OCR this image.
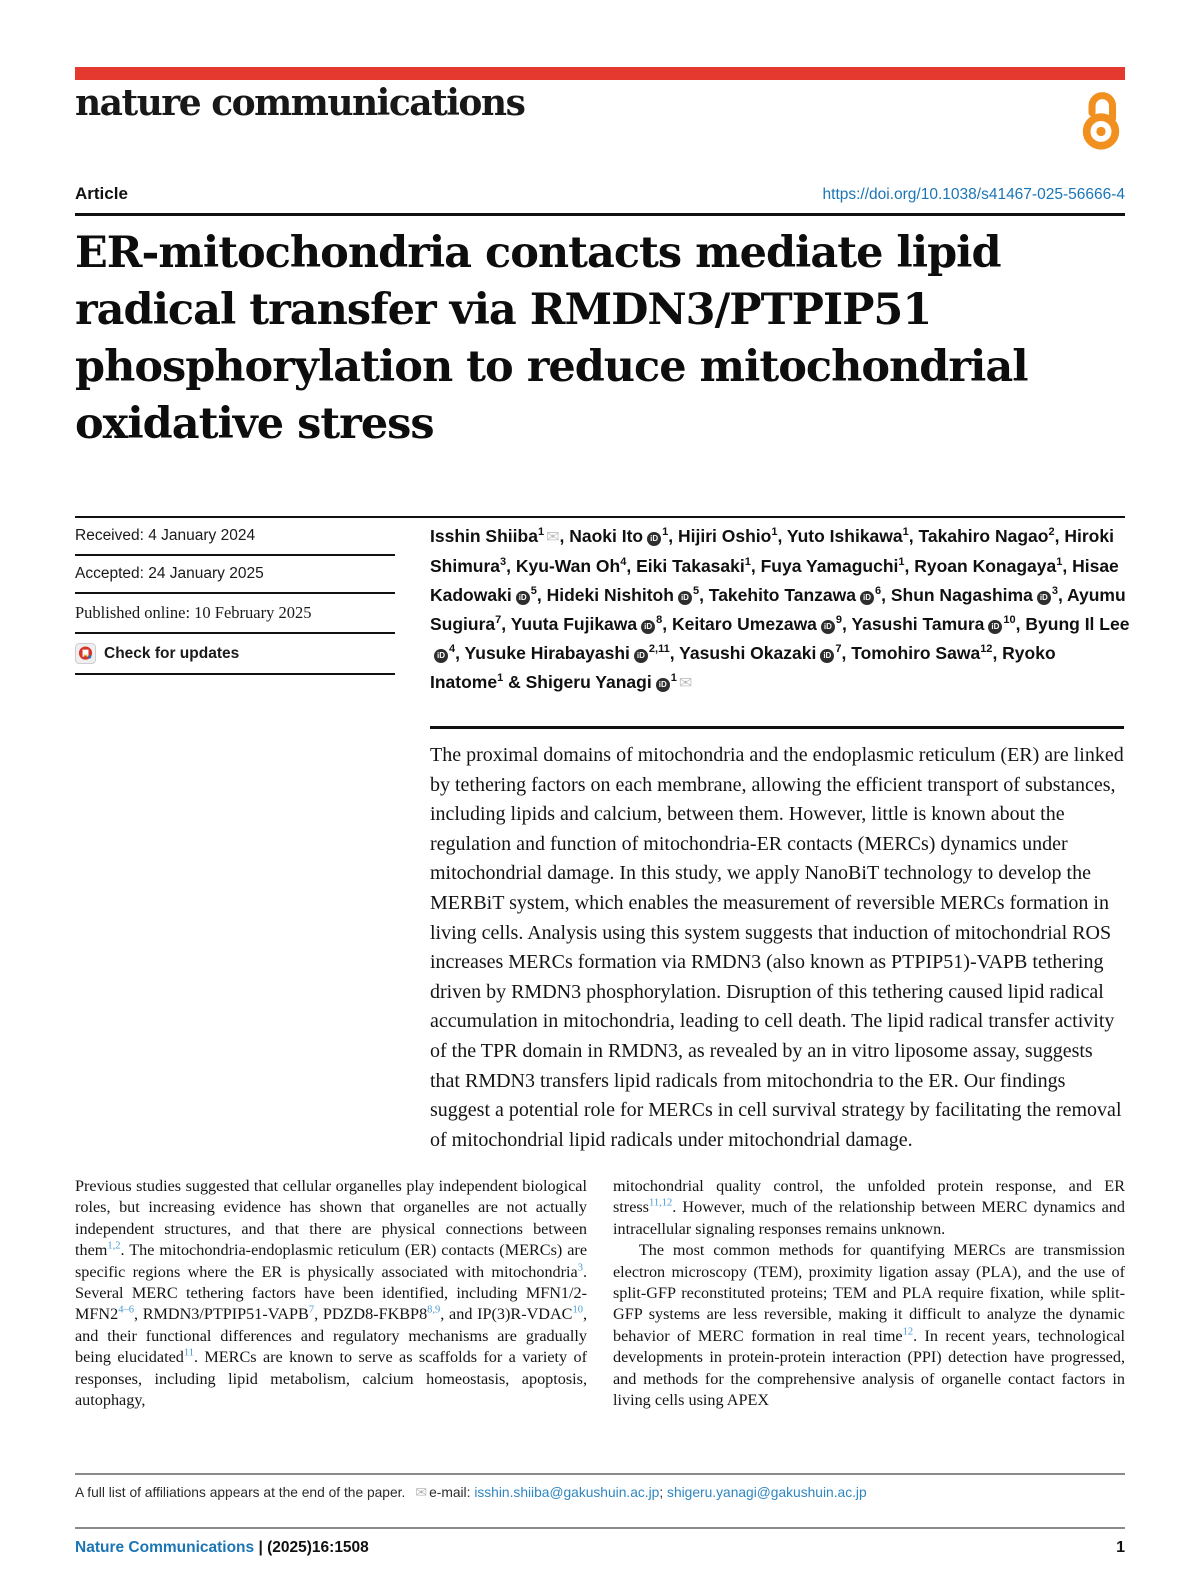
nature communications
Article	https://doi.org/10.1038/s41467-025-56666-4
ER-mitochondria contacts mediate lipid radical transfer via RMDN3/PTPIP51 phosphorylation to reduce mitochondrial oxidative stress
Received: 4 January 2024
Accepted: 24 January 2025
Published online: 10 February 2025
Check for updates
Isshin Shiiba$^1$ ✉, Naoki Ito $iD^1$, Hijiri Oshio$^1$, Yuto Ishikawa$^1$, Takahiro Nagao$^2$, Hiroki Shimura$^3$, Kyu-Wan Oh$^4$, Eiki Takasaki$^1$, Fuya Yamaguchi$^1$, Ryoan Konagaya$^1$, Hisae Kadowaki $iD^5$, Hideki Nishitoh $iD^5$, Takehito Tanzawa $iD^6$, Shun Nagashima $iD^3$, Ayumu Sugiura$^7$, Yuuta Fujikawa $iD^8$, Keitaro Umezawa $iD^9$, Yasushi Tamura $iD^{10}$, Byung Il LeeiD$^4$, Yusuke Hirabayashi iD$^{2,11}$, Yasushi Okazaki $iD^7$, Tomohiro Sawa$^{12}$, Ryoko Inatome$^1$ & Shigeru Yanagi $iD^1$ ✉
The proximal domains of mitochondria and the endoplasmic reticulum (ER) are linked by tethering factors on each membrane, allowing the efficient transport of substances, including lipids and calcium, between them. However, little is known about the regulation and function of mitochondria-ER contacts (MERCs) dynamics under mitochondrial damage. In this study, we apply NanoBiT technology to develop the MERBiT system, which enables the measurement of reversible MERCs formation in living cells. Analysis using this system suggests that induction of mitochondrial ROS increases MERCs formation via RMDN3 (also known as PTPIP51)-VAPB tethering driven by RMDN3 phosphorylation. Disruption of this tethering caused lipid radical accumulation in mitochondria, leading to cell death. The lipid radical transfer activity of the TPR domain in RMDN3, as revealed by an in vitro liposome assay, suggests that RMDN3 transfers lipid radicals from mitochondria to the ER. Our findings suggest a potential role for MERCs in cell survival strategy by facilitating the removal of mitochondrial lipid radicals under mitochondrial damage.

Previous studies suggested that cellular organelles play independent biological roles, but increasing evidence has shown that organelles are not actually independent structures, and that there are physical connections between them$^{1,2}$. The mitochondria-endoplasmic reticulum (ER) contacts (MERCs) are specific regions where the ER is physically associated with mitochondria$^3$. Several MERC tethering factors have been identified, including MFN1/2-MFN2$^{4-6}$, RMDN3/PTPIP51-VAPB$^7$, PDZD8-FKBP8$^{8,9}$, and IP(3)R-VDAC$^{10}$, and their functional differences and regulatory mechanisms are gradually being elucidated$^{11}$. MERCs are known to serve as scaffolds for a variety of responses, including lipid metabolism, calcium homeostasis, apoptosis, autophagy,

mitochondrial quality control, the unfolded protein response, and ER stress$^{11,12}$. However, much of the relationship between MERC dynamics and intracellular signaling responses remains unknown.

The most common methods for quantifying MERCs are transmission electron microscopy (TEM), proximity ligation assay (PLA), and the use of split-GFP reconstituted proteins; TEM and PLA require fixation, while split-GFP systems are less reversible, making it difficult to analyze the dynamic behavior of MERC formation in real time$^{12}$. In recent years, technological developments in protein-protein interaction (PPI) detection have progressed, and methods for the comprehensive analysis of organelle contact factors in living cells using APEX

A full list of affiliations appears at the end of the paper. ✉ e-mail: isshin.shiiba@gakushuin.ac.jp; shigeru.yanagi@gakushuin.ac.jp
Nature Communications | (2025)16:1508	1
